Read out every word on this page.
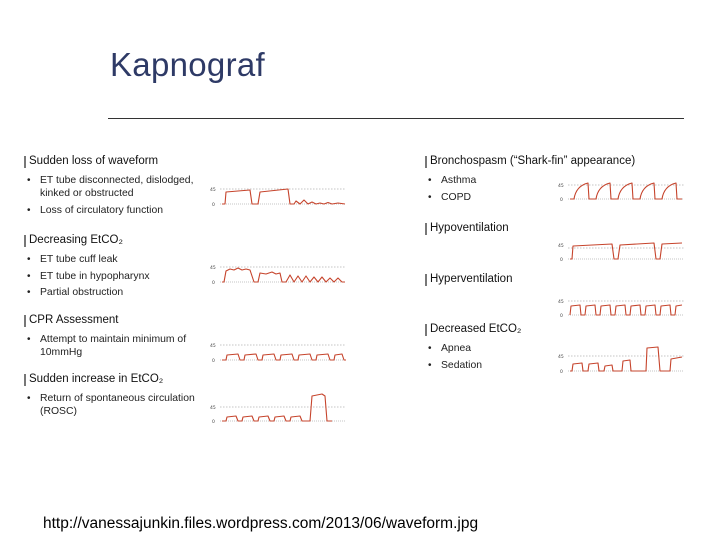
Kapnograf
Sudden loss of waveform
• ET tube disconnected, dislodged, kinked or obstructed
• Loss of circulatory function
45
0
Decreasing EtCO₂
• ET tube cuff leak
• ET tube in hypopharynx
• Partial obstruction
45
0
CPR Assessment
• Attempt to maintain minimum of 10mmHg
45
0
Sudden increase in EtCO₂
• Return of spontaneous circulation (ROSC)	45
0
Bronchospasm (“Shark-fin” appearance)
• Asthma
• COPD
45
0
Hypoventilation
45
0
Hyperventilation
45
0
Decreased EtCO₂
• Apnea
• Sedation
45
0
http://vanessajunkin.files.wordpress.com/2013/06/waveform.jpg
